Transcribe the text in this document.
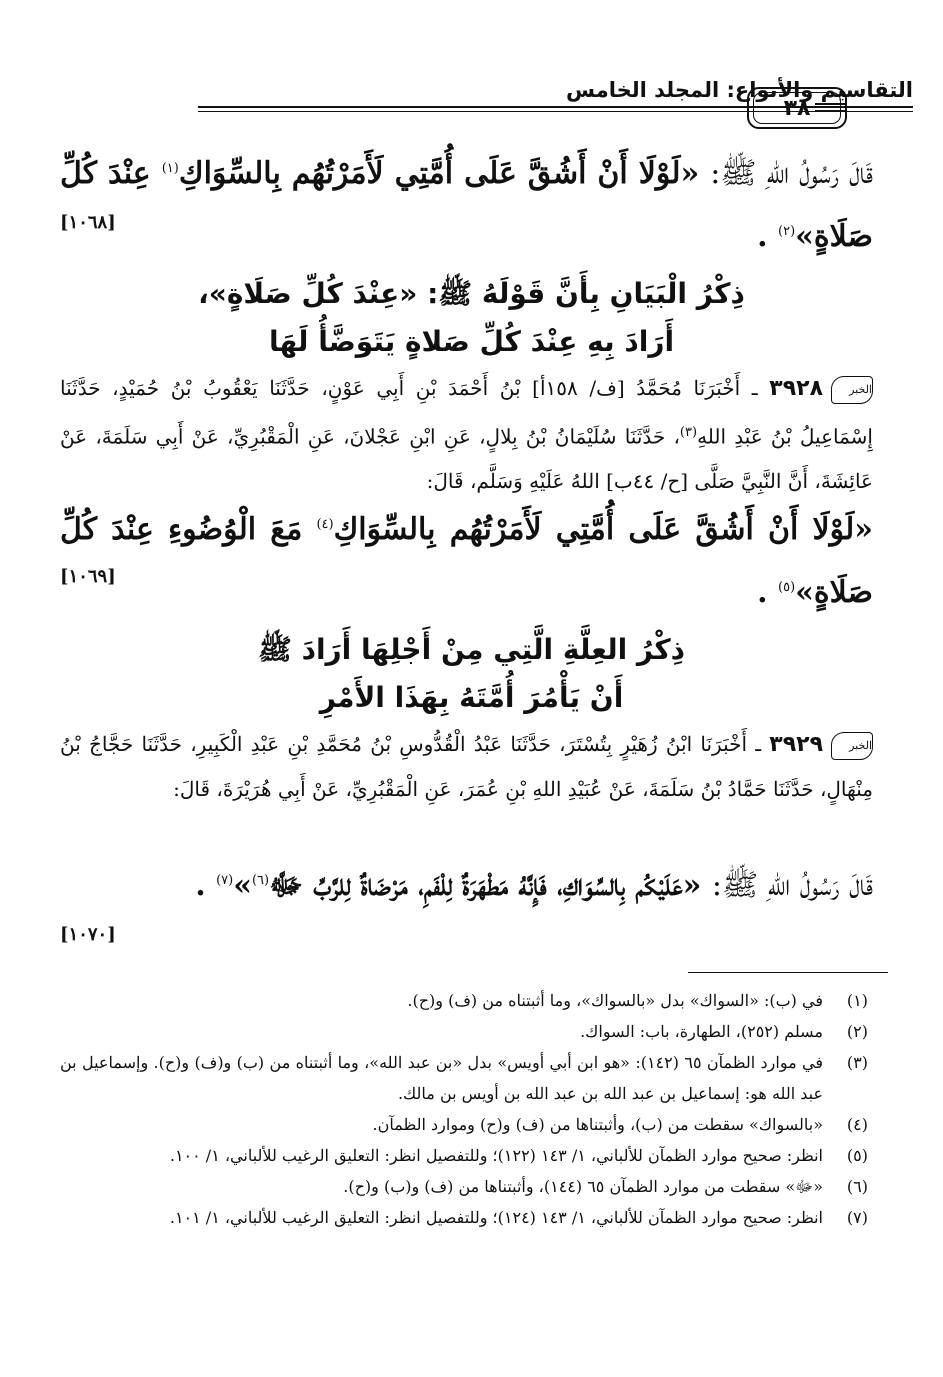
التقاسيم والأنواع: المجلد الخامس
٣٨
قَالَ رَسُولُ اللهِ ﷺ: «لَوْلَا أَنْ أَشُقَّ عَلَى أُمَّتِي لَأَمَرْتُهُم بِالسِّوَاكِ$^{(١)}$ عِنْدَ كُلِّ صَلَاةٍ»$^{(٢)}$ .
[١٠٦٨]
ذِكْرُ الْبَيَانِ بِأَنَّ قَوْلَهُ ﷺ: «عِنْدَ كُلِّ صَلَاةٍ»،
أَرَادَ بِهِ عِنْدَ كُلِّ صَلاةٍ يَتَوَضَّأُ لَهَا
الخبر٣٩٢٨ ـ أَخْبَرَنَا مُحَمَّدُ [ف/ ١٥٨أ] بْنُ أَحْمَدَ بْنِ أَبِي عَوْنٍ، حَدَّثَنَا يَعْقُوبُ بْنُ حُمَيْدٍ، حَدَّثَنَا إِسْمَاعِيلُ بْنُ عَبْدِ اللهِ$^{(٣)}$، حَدَّثَنَا سُلَيْمَانُ بْنُ بِلالٍ، عَنِ ابْنِ عَجْلانَ، عَنِ الْمَقْبُرِيِّ، عَنْ أَبِي سَلَمَةَ، عَنْ عَائِشَةَ، أَنَّ النَّبِيَّ صَلَّى [ح/ ٤٤ب] اللهُ عَلَيْهِ وَسَلَّم، قَالَ:
«لَوْلَا أَنْ أَشُقَّ عَلَى أُمَّتِي لَأَمَرْتُهُم بِالسِّوَاكِ$^{(٤)}$ مَعَ الْوُضُوءِ عِنْدَ كُلِّ صَلَاةٍ»$^{(٥)}$ .
[١٠٦٩]
ذِكْرُ العِلَّةِ الَّتِي مِنْ أَجْلِهَا أَرَادَ ﷺ
أَنْ يَأْمُرَ أُمَّتَهُ بِهَذَا الأَمْرِ
الخبر٣٩٢٩ ـ أَخْبَرَنَا ابْنُ زُهَيْرٍ بِتُسْتَرَ، حَدَّثَنَا عَبْدُ الْقُدُّوسِ بْنُ مُحَمَّدِ بْنِ عَبْدِ الْكَبِيرِ، حَدَّثَنَا حَجَّاجُ بْنُ مِنْهَالٍ، حَدَّثَنَا حَمَّادُ بْنُ سَلَمَةَ، عَنْ عُبَيْدِ اللهِ بْنِ عُمَرَ، عَنِ الْمَقْبُرِيِّ، عَنْ أَبِي هُرَيْرَةَ، قَالَ:
قَالَ رَسُولُ اللهِ ﷺ: «عَلَيْكُم بِالسِّوَاكِ، فَإِنَّهُ مَطْهَرَةٌ لِلْفَمِ، مَرْضَاةٌ لِلرَّبِّ ﷻ$^{(٦)}$»$^{(٧)}$ .
[١٠٧٠]
(١)
في (ب): «السواك» بدل «بالسواك»، وما أثبتناه من (ف) و(ح).
(٢)
مسلم (٢٥٢)، الطهارة، باب: السواك.
(٣)
في موارد الظمآن ٦٥ (١٤٢): «هو ابن أبي أويس» بدل «بن عبد الله»، وما أثبتناه من (ب) و(ف) و(ح). وإسماعيل بن عبد الله هو: إسماعيل بن عبد الله بن عبد الله بن أويس بن مالك.
(٤)
«بالسواك» سقطت من (ب)، وأثبتناها من (ف) و(ح) وموارد الظمآن.
(٥)
انظر: صحيح موارد الظمآن للألباني، ١/ ١٤٣ (١٢٢)؛ وللتفصيل انظر: التعليق الرغيب للألباني، ١/ ١٠٠.
(٦)
«ﷻ» سقطت من موارد الظمآن ٦٥ (١٤٤)، وأثبتناها من (ف) و(ب) و(ح).
(٧)
انظر: صحيح موارد الظمآن للألباني، ١/ ١٤٣ (١٢٤)؛ وللتفصيل انظر: التعليق الرغيب للألباني، ١/ ١٠١.
